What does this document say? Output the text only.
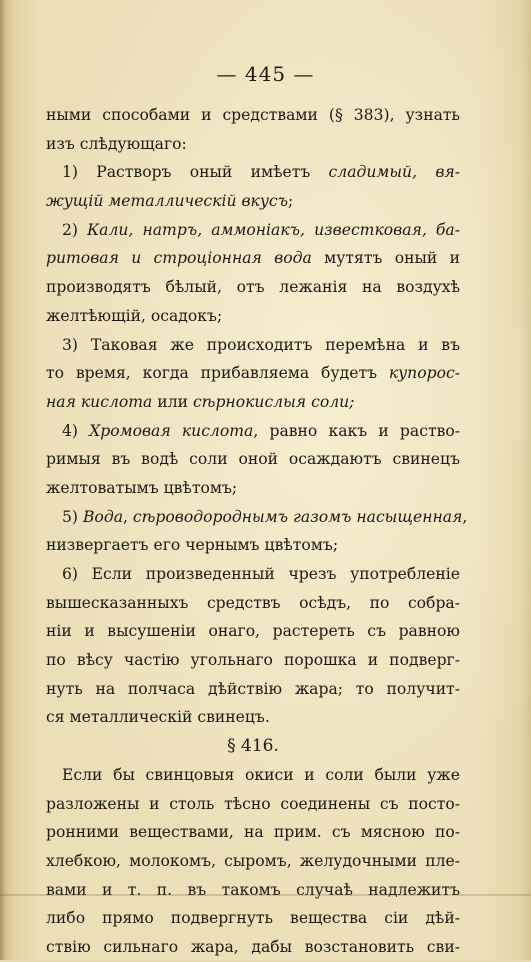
— 445 —
ными способами и средствами (§ 383), узнать
изъ слѣдующаго:
1) Растворъ оный имѣетъ сладимый, вя-
жущій металлическій вкусъ;
2) Кали, натръ, аммоніакъ, известковая, ба-
ритовая и строціонная вода мутятъ оный и
производятъ бѣлый, отъ лежанія на воздухѣ
желтѣющій, осадокъ;
3) Таковая же происходитъ перемѣна и въ
то время, когда прибавляема будетъ купорос-
ная кислота или сѣрнокислыя соли;
4) Хромовая кислота, равно какъ и раство-
римыя въ водѣ соли оной осаждаютъ свинецъ
желтоватымъ цвѣтомъ;
5) Вода, сѣроводороднымъ газомъ насыщенная,
низвергаетъ его чернымъ цвѣтомъ;
6) Если произведенный чрезъ употребленіе
вышесказанныхъ средствъ осѣдъ, по собра-
ніи и высушеніи онаго, растереть съ равною
по вѣсу частію угольнаго порошка и подверг-
нуть на полчаса дѣйствію жара; то получит-
ся металлическій свинецъ.
§ 416.
Если бы свинцовыя окиси и соли были уже
разложены и столь тѣсно соединены съ посто-
ронними веществами, на прим. съ мясною по-
хлебкою, молокомъ, сыромъ, желудочными пле-
вами и т. п. въ такомъ случаѣ надлежитъ
либо прямо подвергнуть вещества сіи дѣй-
ствію сильнаго жара, дабы возстановить сви-
